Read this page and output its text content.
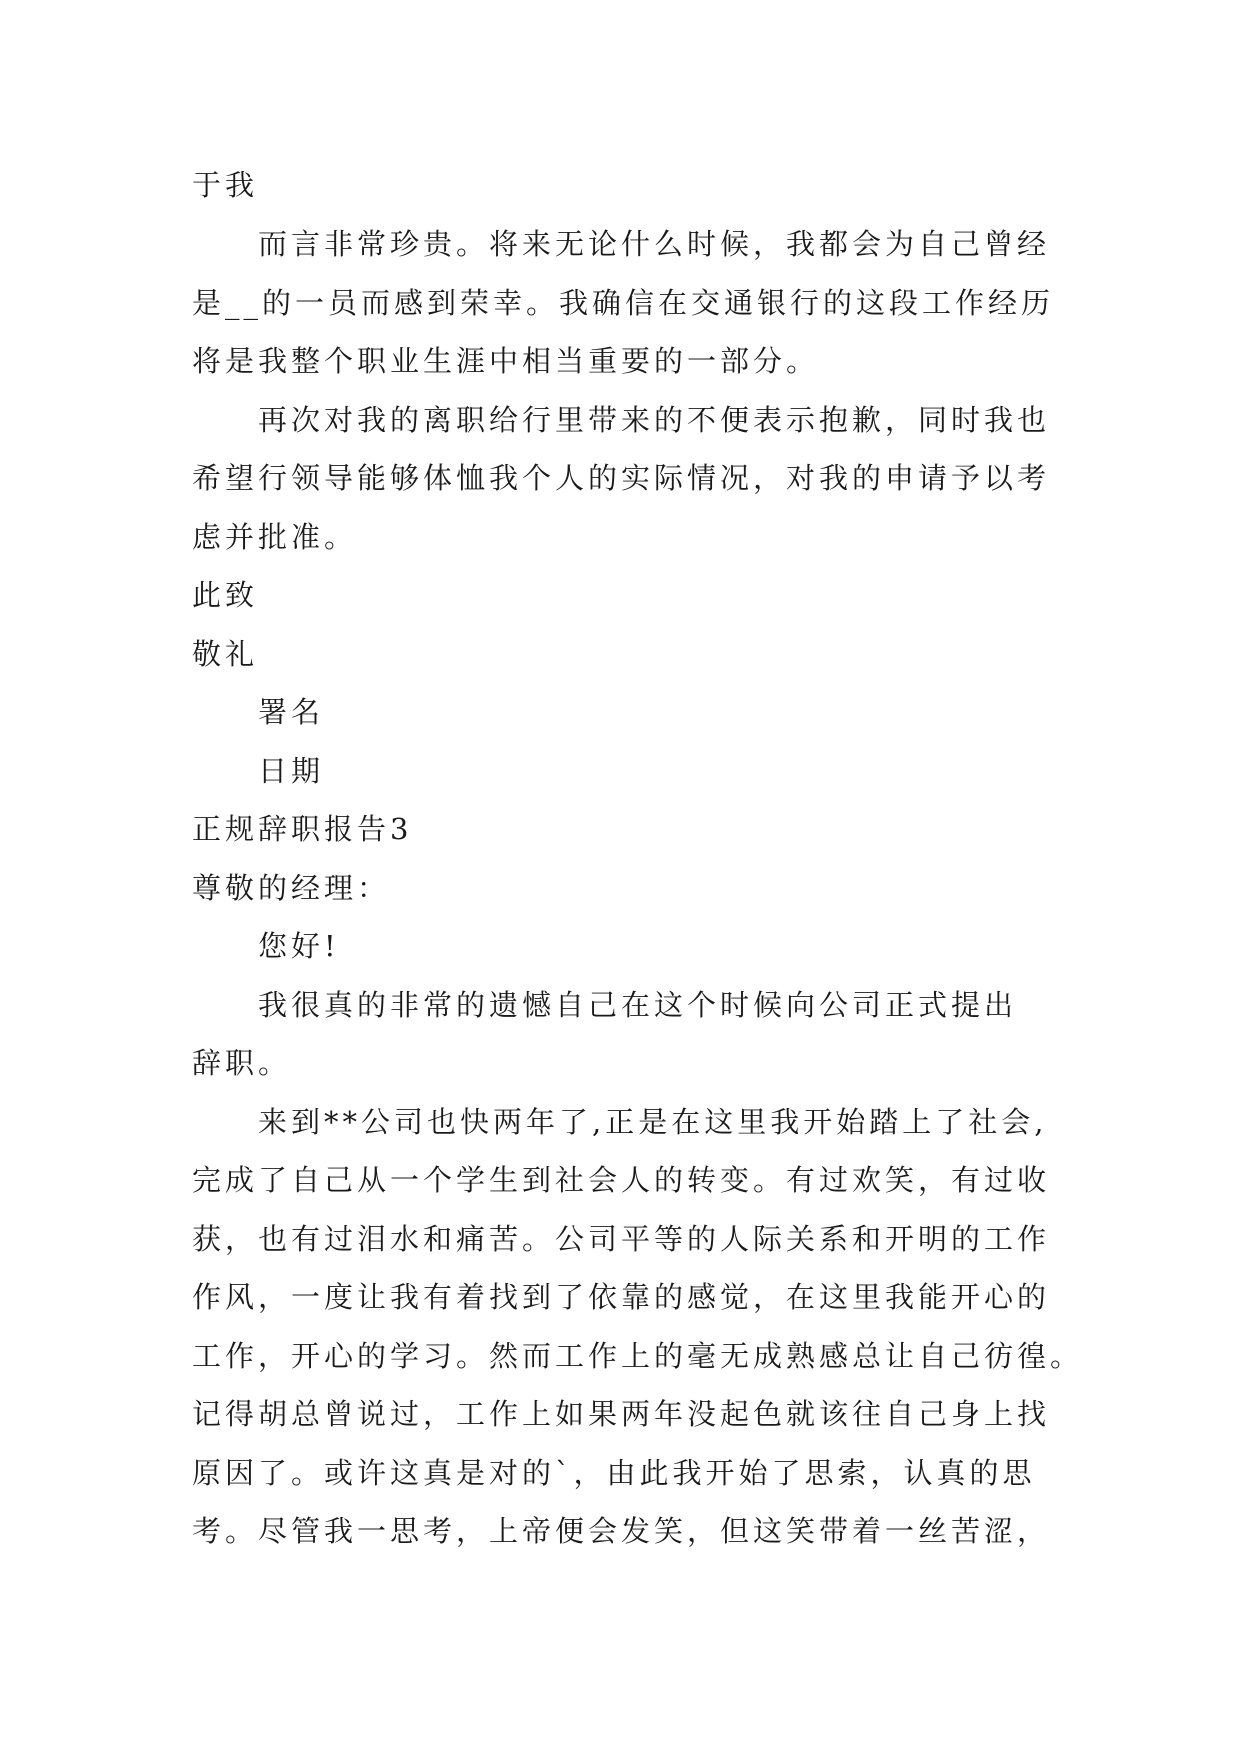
于我
而言非常珍贵。将来无论什么时候，我都会为自己曾经
是__的一员而感到荣幸。我确信在交通银行的这段工作经历
将是我整个职业生涯中相当重要的一部分。
再次对我的离职给行里带来的不便表示抱歉，同时我也
希望行领导能够体恤我个人的实际情况，对我的申请予以考
虑并批准。
此致
敬礼
署名
日期
正规辞职报告3
尊敬的经理：
您好!
我很真的非常的遗憾自己在这个时候向公司正式提出
辞职。
来到**公司也快两年了,正是在这里我开始踏上了社会,
完成了自己从一个学生到社会人的转变。有过欢笑，有过收
获，也有过泪水和痛苦。公司平等的人际关系和开明的工作
作风，一度让我有着找到了依靠的感觉，在这里我能开心的
工作，开心的学习。然而工作上的毫无成熟感总让自己彷徨。
记得胡总曾说过，工作上如果两年没起色就该往自己身上找
原因了。或许这真是对的`，由此我开始了思索，认真的思
考。尽管我一思考，上帝便会发笑，但这笑带着一丝苦涩，
